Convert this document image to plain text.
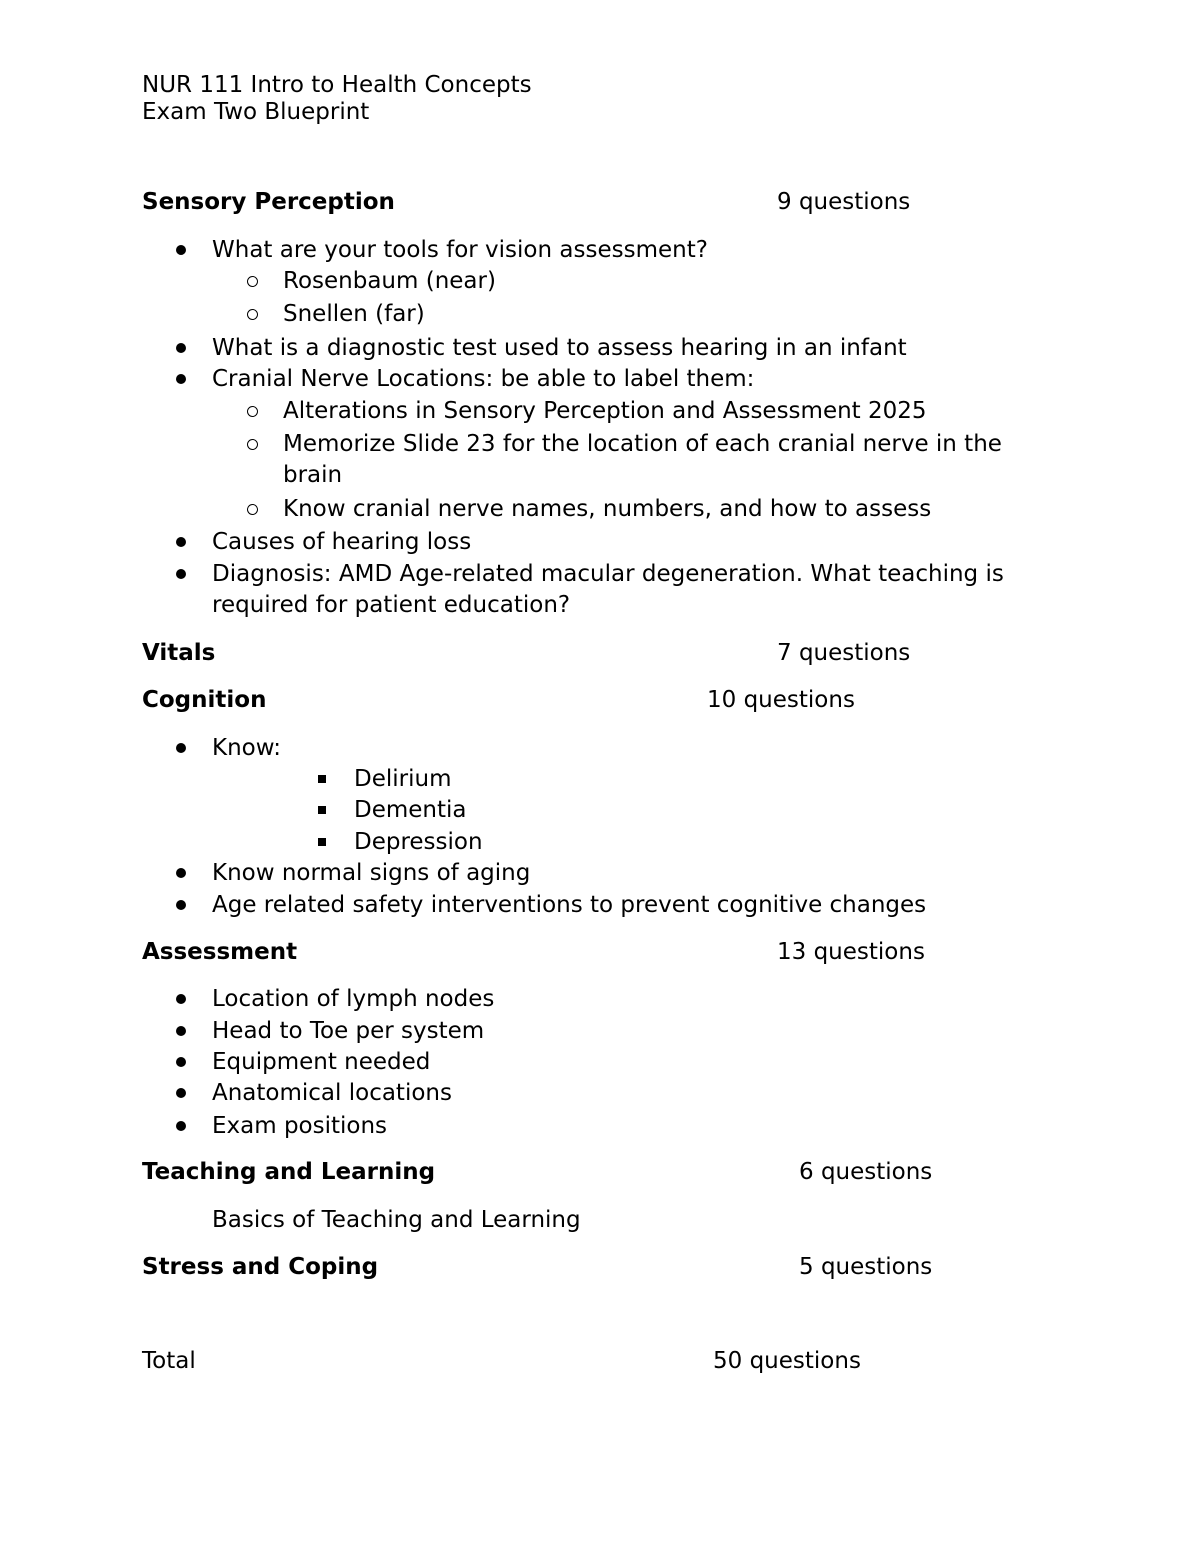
NUR 111 Intro to Health Concepts
Exam Two Blueprint
Sensory Perception	9 questions
What are your tools for vision assessment?
Rosenbaum (near)
Snellen (far)
What is a diagnostic test used to assess hearing in an infant
Cranial Nerve Locations: be able to label them:
Alterations in Sensory Perception and Assessment 2025
Memorize Slide 23 for the location of each cranial nerve in the brain
Know cranial nerve names, numbers, and how to assess
Causes of hearing loss
Diagnosis: AMD Age-related macular degeneration. What teaching is required for patient education?
Vitals	7 questions
Cognition	10 questions
Know:
Delirium
Dementia
Depression
Know normal signs of aging
Age related safety interventions to prevent cognitive changes
Assessment	13 questions
Location of lymph nodes
Head to Toe per system
Equipment needed
Anatomical locations
Exam positions
Teaching and Learning	6 questions
Basics of Teaching and Learning
Stress and Coping	5 questions
Total	50 questions
